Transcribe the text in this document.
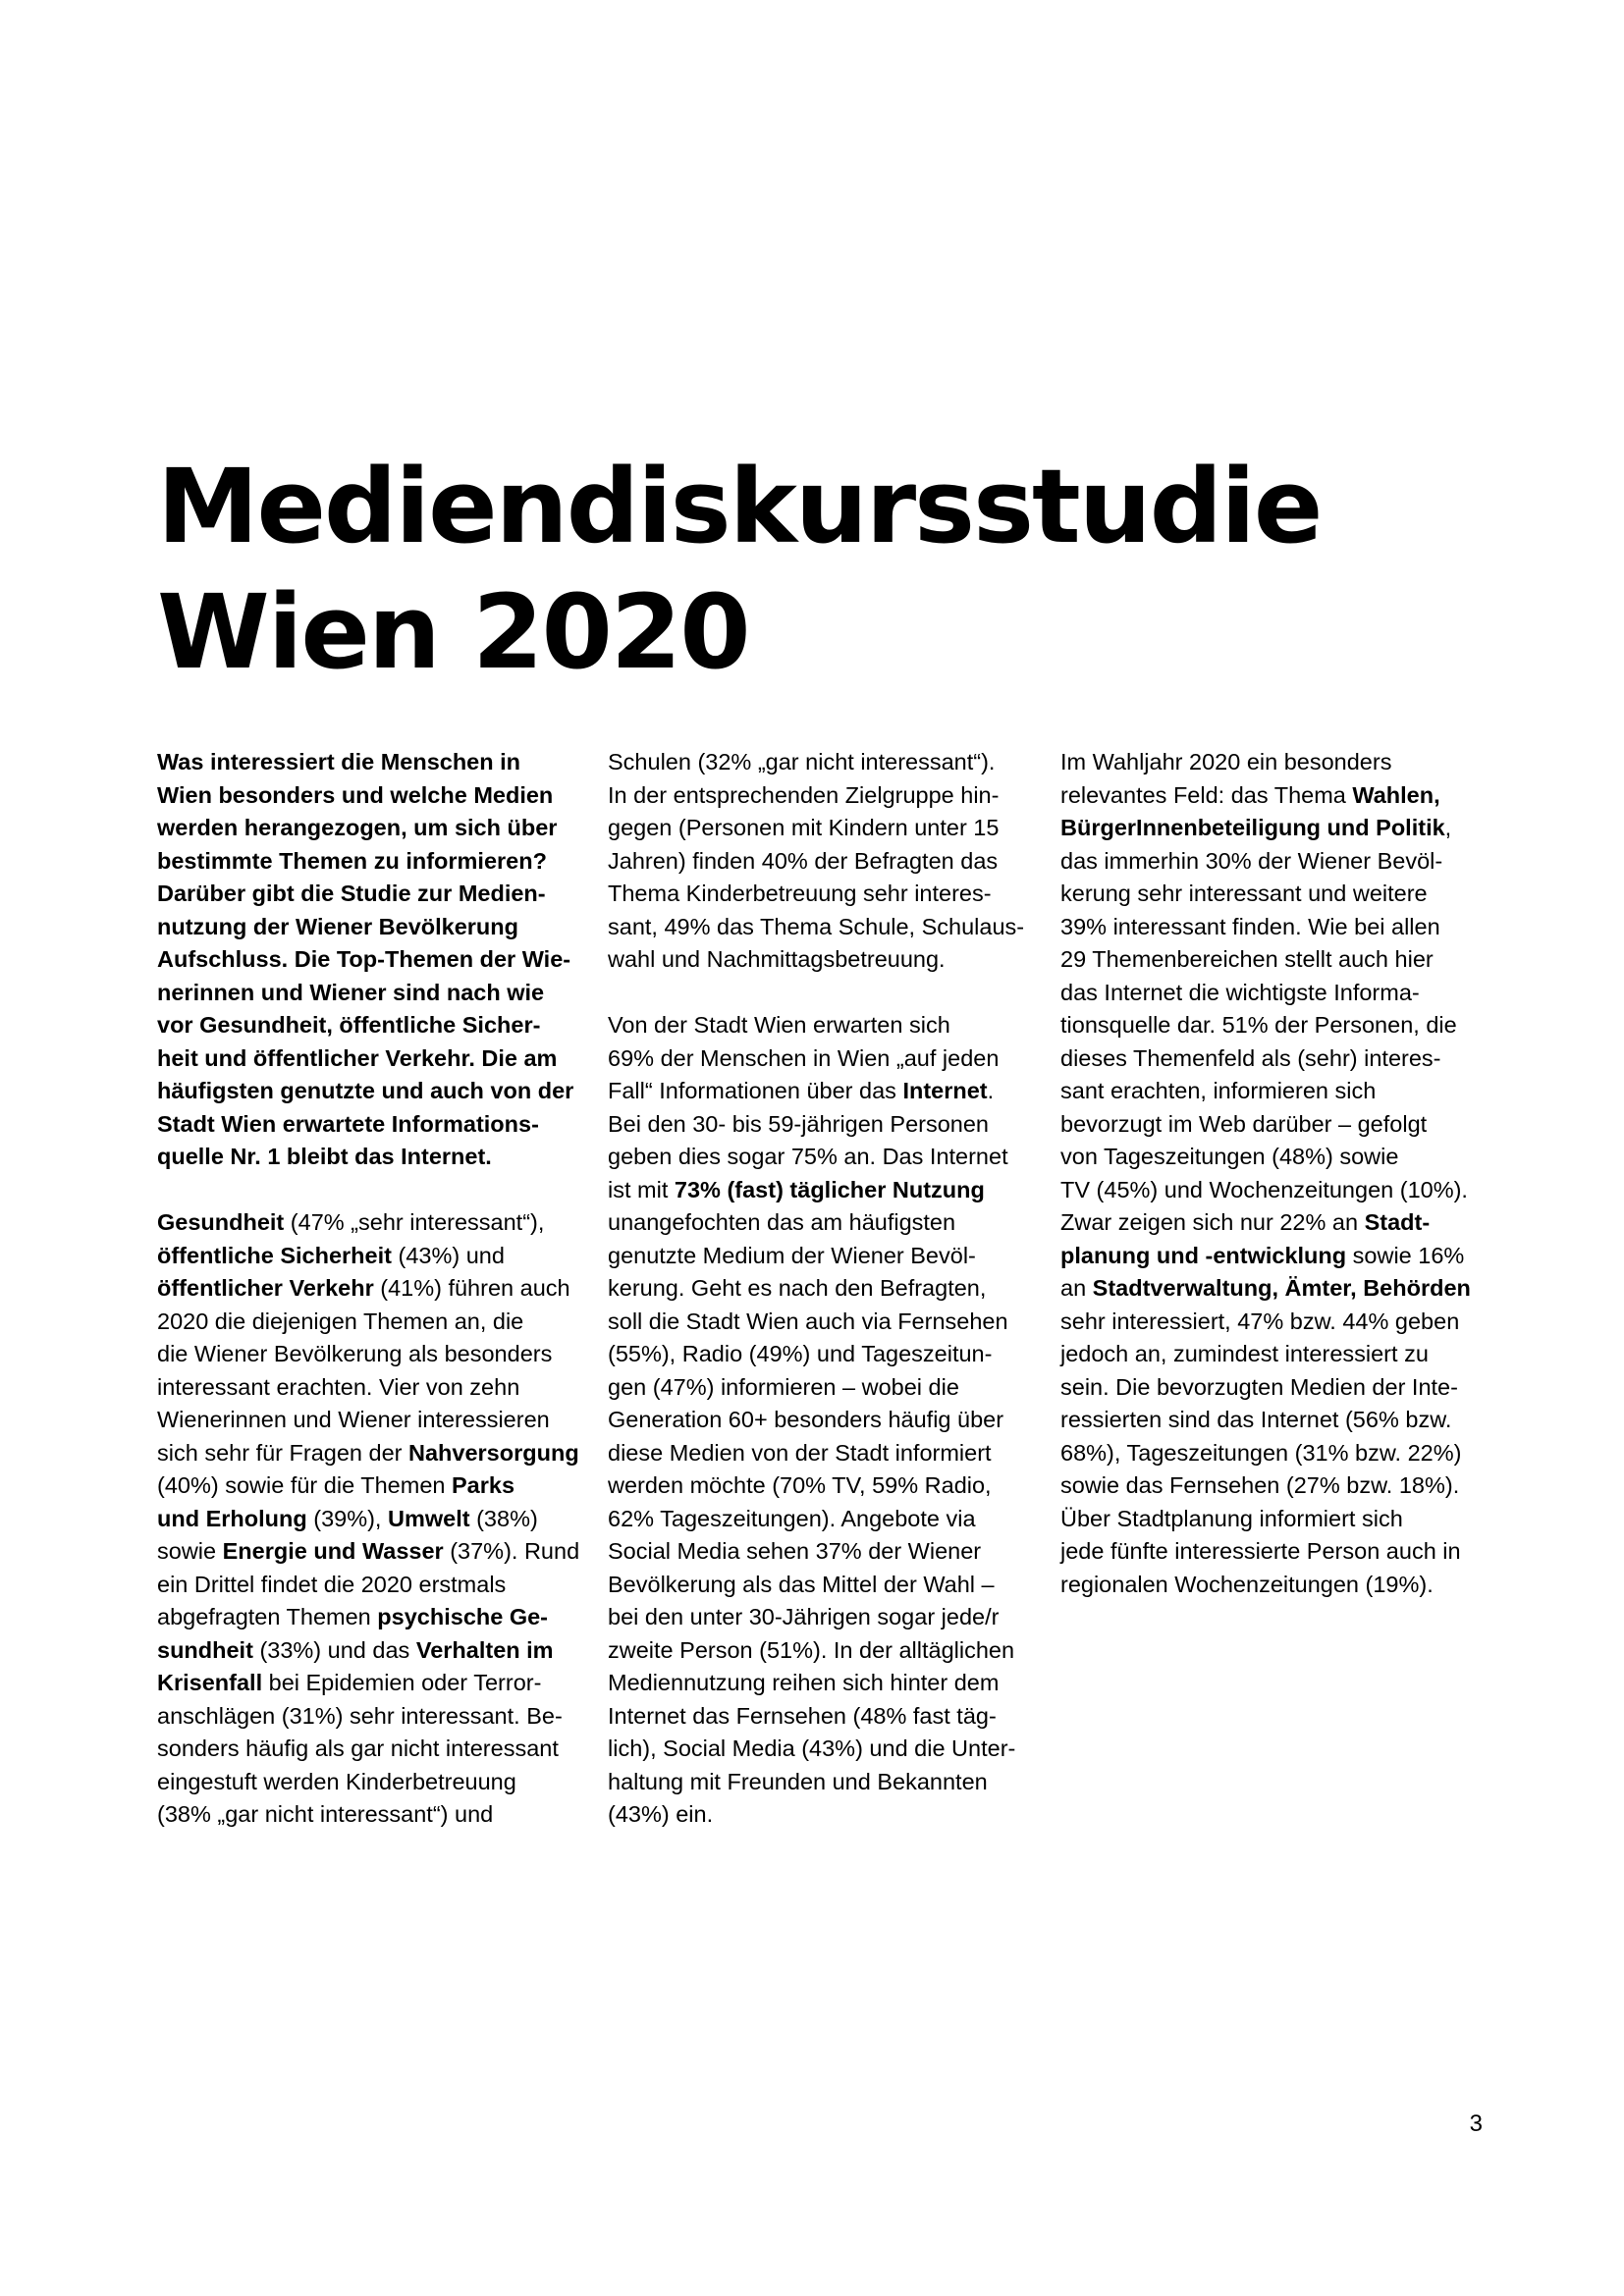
Mediendiskursstudie
Wien 2020

Was interessiert die Menschen in
Wien besonders und welche Medien
werden herangezogen, um sich über
bestimmte Themen zu informieren?
Darüber gibt die Studie zur Medien-
nutzung der Wiener Bevölkerung
Aufschluss. Die Top-Themen der Wie-
nerinnen und Wiener sind nach wie
vor Gesundheit, öffentliche Sicher-
heit und öffentlicher Verkehr. Die am
häufigsten genutzte und auch von der
Stadt Wien erwartete Informations-
quelle Nr. 1 bleibt das Internet.

Gesundheit (47% „sehr interessant“),
öffentliche Sicherheit (43%) und
öffentlicher Verkehr (41%) führen auch
2020 die diejenigen Themen an, die
die Wiener Bevölkerung als besonders
interessant erachten. Vier von zehn
Wienerinnen und Wiener interessieren
sich sehr für Fragen der Nahversorgung
(40%) sowie für die Themen Parks
und Erholung (39%), Umwelt (38%)
sowie Energie und Wasser (37%). Rund
ein Drittel findet die 2020 erstmals
abgefragten Themen psychische Ge-
sundheit (33%) und das Verhalten im
Krisenfall bei Epidemien oder Terror-
anschlägen (31%) sehr interessant. Be-
sonders häufig als gar nicht interessant
eingestuft werden Kinderbetreuung
(38% „gar nicht interessant“) und

Schulen (32% „gar nicht interessant“).
In der entsprechenden Zielgruppe hin-
gegen (Personen mit Kindern unter 15
Jahren) finden 40% der Befragten das
Thema Kinderbetreuung sehr interes-
sant, 49% das Thema Schule, Schulaus-
wahl und Nachmittagsbetreuung.

Von der Stadt Wien erwarten sich
69% der Menschen in Wien „auf jeden
Fall“ Informationen über das Internet.
Bei den 30- bis 59-jährigen Personen
geben dies sogar 75% an. Das Internet
ist mit 73% (fast) täglicher Nutzung
unangefochten das am häufigsten
genutzte Medium der Wiener Bevöl-
kerung. Geht es nach den Befragten,
soll die Stadt Wien auch via Fernsehen
(55%), Radio (49%) und Tageszeitun-
gen (47%) informieren – wobei die
Generation 60+ besonders häufig über
diese Medien von der Stadt informiert
werden möchte (70% TV, 59% Radio,
62% Tageszeitungen). Angebote via
Social Media sehen 37% der Wiener
Bevölkerung als das Mittel der Wahl –
bei den unter 30-Jährigen sogar jede/r
zweite Person (51%). In der alltäglichen
Mediennutzung reihen sich hinter dem
Internet das Fernsehen (48% fast täg-
lich), Social Media (43%) und die Unter-
haltung mit Freunden und Bekannten
(43%) ein.

Im Wahljahr 2020 ein besonders
relevantes Feld: das Thema Wahlen,
BürgerInnenbeteiligung und Politik,
das immerhin 30% der Wiener Bevöl-
kerung sehr interessant und weitere
39% interessant finden. Wie bei allen
29 Themenbereichen stellt auch hier
das Internet die wichtigste Informa-
tionsquelle dar. 51% der Personen, die
dieses Themenfeld als (sehr) interes-
sant erachten, informieren sich
bevorzugt im Web darüber – gefolgt
von Tageszeitungen (48%) sowie
TV (45%) und Wochenzeitungen (10%).
Zwar zeigen sich nur 22% an Stadt-
planung und -entwicklung sowie 16%
an Stadtverwaltung, Ämter, Behörden
sehr interessiert, 47% bzw. 44% geben
jedoch an, zumindest interessiert zu
sein. Die bevorzugten Medien der Inte-
ressierten sind das Internet (56% bzw.
68%), Tageszeitungen (31% bzw. 22%)
sowie das Fernsehen (27% bzw. 18%).
Über Stadtplanung informiert sich
jede fünfte interessierte Person auch in
regionalen Wochenzeitungen (19%).

3
